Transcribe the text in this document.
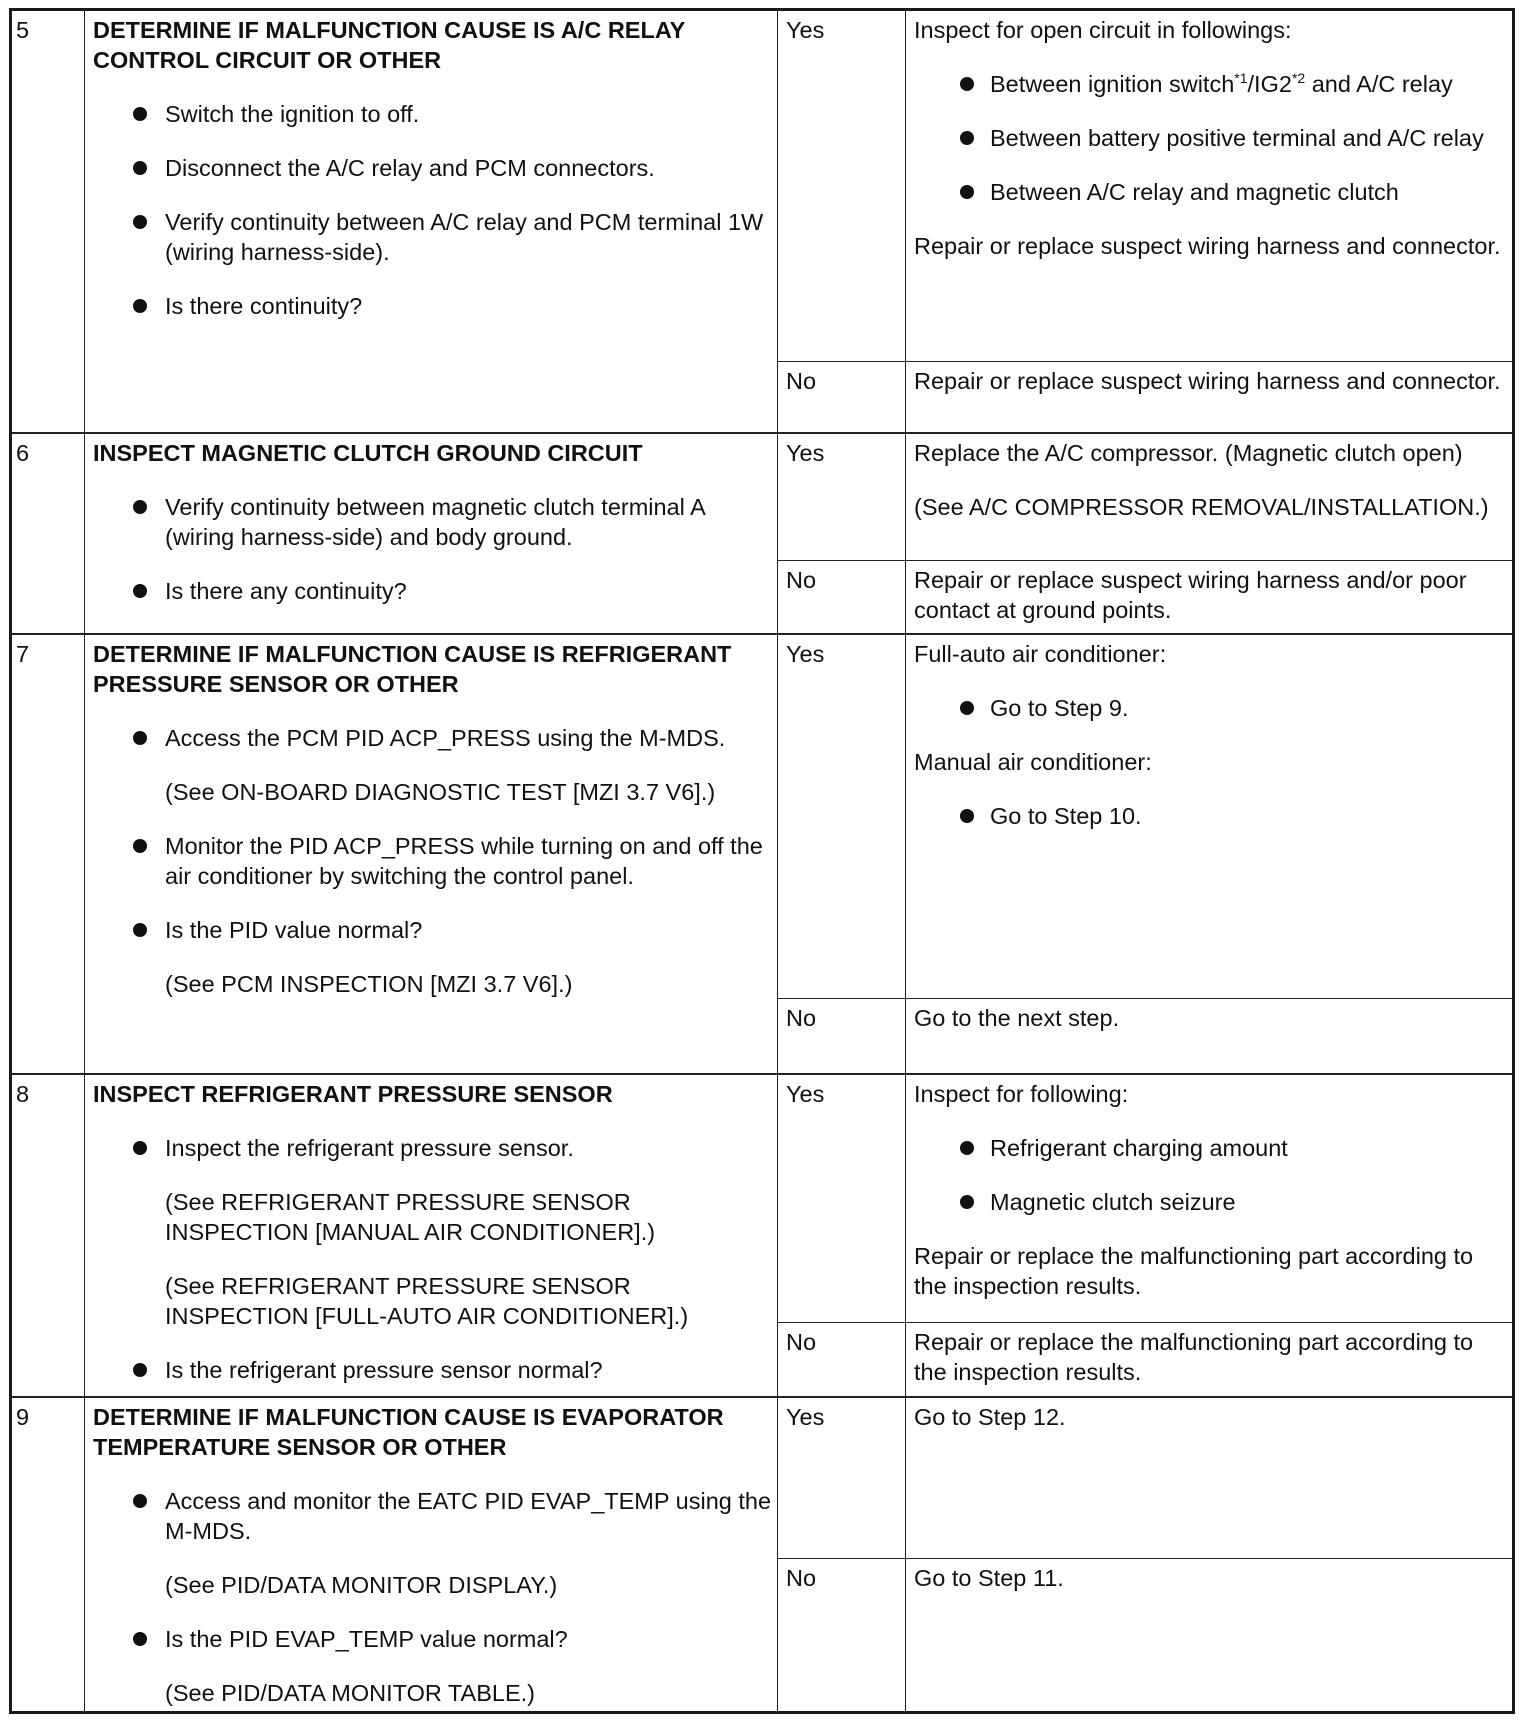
5	DETERMINE IF MALFUNCTION CAUSE IS A/C RELAY CONTROL CIRCUIT OR OTHER
Switch the ignition to off.
Disconnect the A/C relay and PCM connectors.
Verify continuity between A/C relay and PCM terminal 1W (wiring harness-side).
Is there continuity?
Yes	Inspect for open circuit in followings:

Between ignition switch$^{*1}$/IG2$^{*2}$ and A/C relay
Between battery positive terminal and A/C relay
Between A/C relay and magnetic clutch

Repair or replace suspect wiring harness and connector.

No	Repair or replace suspect wiring harness and connector.
6	INSPECT MAGNETIC CLUTCH GROUND CIRCUIT
Verify continuity between magnetic clutch terminal A (wiring harness-side) and body ground.
Is there any continuity?
Yes	Replace the A/C compressor. (Magnetic clutch open)

(See A/C COMPRESSOR REMOVAL/INSTALLATION.)

No	Repair or replace suspect wiring harness and/or poor contact at ground points.
7	DETERMINE IF MALFUNCTION CAUSE IS REFRIGERANT PRESSURE SENSOR OR OTHER
Access the PCM PID ACP_PRESS using the M-MDS.
(See ON-BOARD DIAGNOSTIC TEST [MZI 3.7 V6].)
Monitor the PID ACP_PRESS while turning on and off the air conditioner by switching the control panel.
Is the PID value normal?
(See PCM INSPECTION [MZI 3.7 V6].)
Yes	Full-auto air conditioner:

Go to Step 9.

Manual air conditioner:

Go to Step 10.
No	Go to the next step.
8	INSPECT REFRIGERANT PRESSURE SENSOR
Inspect the refrigerant pressure sensor.
(See REFRIGERANT PRESSURE SENSOR INSPECTION [MANUAL AIR CONDITIONER].)
(See REFRIGERANT PRESSURE SENSOR INSPECTION [FULL-AUTO AIR CONDITIONER].)
Is the refrigerant pressure sensor normal?
Yes	Inspect for following:

Refrigerant charging amount
Magnetic clutch seizure

Repair or replace the malfunctioning part according to the inspection results.

No	Repair or replace the malfunctioning part according to the inspection results.
9	DETERMINE IF MALFUNCTION CAUSE IS EVAPORATOR TEMPERATURE SENSOR OR OTHER
Access and monitor the EATC PID EVAP_TEMP using the M-MDS.
(See PID/DATA MONITOR DISPLAY.)
Is the PID EVAP_TEMP value normal?
(See PID/DATA MONITOR TABLE.)
Yes	Go to Step 12.
No	Go to Step 11.
